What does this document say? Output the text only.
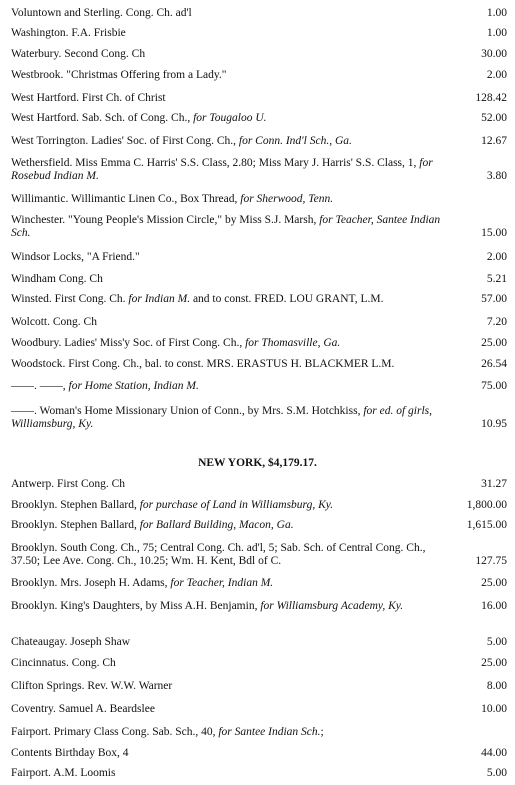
Voluntown and Sterling. Cong. Ch. ad'l	1.00
Washington. F.A. Frisbie	1.00
Waterbury. Second Cong. Ch	30.00
Westbrook. "Christmas Offering from a Lady."	2.00
West Hartford. First Ch. of Christ	128.42
West Hartford. Sab. Sch. of Cong. Ch., for Tougaloo U.	52.00
West Torrington. Ladies' Soc. of First Cong. Ch., for Conn. Ind'l Sch., Ga.	12.67
Wethersfield. Miss Emma C. Harris' S.S. Class, 2.80; Miss Mary J. Harris' S.S. Class, 1, for Rosebud Indian M.	3.80
Willimantic. Willimantic Linen Co., Box Thread, for Sherwood, Tenn.
Winchester. "Young People's Mission Circle," by Miss S.J. Marsh, for Teacher, Santee Indian Sch.	15.00
Windsor Locks, "A Friend."	2.00
Windham Cong. Ch	5.21
Winsted. First Cong. Ch. for Indian M. and to const. FRED. LOU GRANT, L.M.	57.00
Wolcott. Cong. Ch	7.20
Woodbury. Ladies' Miss'y Soc. of First Cong. Ch., for Thomasville, Ga.	25.00
Woodstock. First Cong. Ch., bal. to const. MRS. ERASTUS H. BLACKMER L.M.	26.54
——. ——, for Home Station, Indian M.	75.00
——. Woman's Home Missionary Union of Conn., by Mrs. S.M. Hotchkiss, for ed. of girls, Williamsburg, Ky.	10.95
NEW YORK, $4,179.17.
Antwerp. First Cong. Ch	31.27
Brooklyn. Stephen Ballard, for purchase of Land in Williamsburg, Ky.	1,800.00
Brooklyn. Stephen Ballard, for Ballard Building, Macon, Ga.	1,615.00
Brooklyn. South Cong. Ch., 75; Central Cong. Ch. ad'l, 5; Sab. Sch. of Central Cong. Ch., 37.50; Lee Ave. Cong. Ch., 10.25; Wm. H. Kent, Bdl of C.	127.75
Brooklyn. Mrs. Joseph H. Adams, for Teacher, Indian M.	25.00
Brooklyn. King's Daughters, by Miss A.H. Benjamin, for Williamsburg Academy, Ky.	16.00
Chateaugay. Joseph Shaw	5.00
Cincinnatus. Cong. Ch	25.00
Clifton Springs. Rev. W.W. Warner	8.00
Coventry. Samuel A. Beardslee	10.00
Fairport. Primary Class Cong. Sab. Sch., 40, for Santee Indian Sch.;
Contents Birthday Box, 4	44.00
Fairport. A.M. Loomis	5.00
